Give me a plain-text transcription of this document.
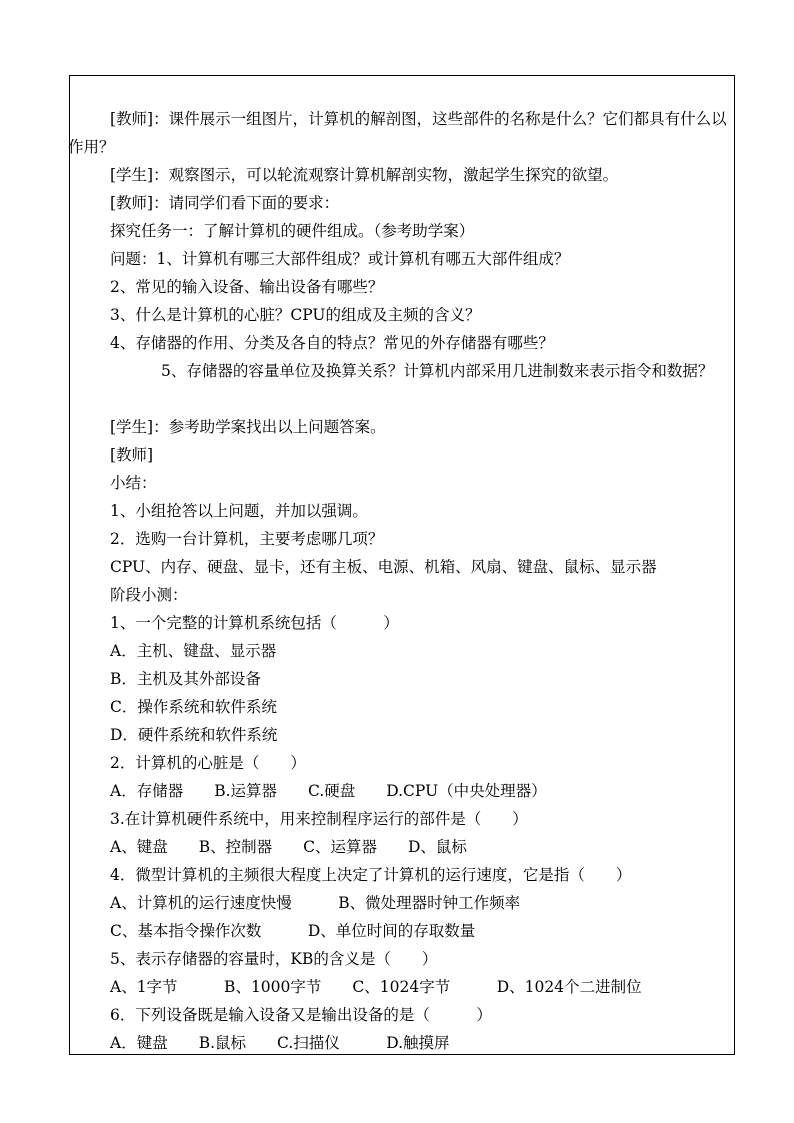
[教师]：课件展示一组图片，计算机的解剖图，这些部件的名称是什么？它们都具有什么以作用？
[学生]：观察图示，可以轮流观察计算机解剖实物，激起学生探究的欲望。
[教师]：请同学们看下面的要求：
探究任务一：了解计算机的硬件组成。（参考助学案）
问题：1、计算机有哪三大部件组成？或计算机有哪五大部件组成？
2、常见的输入设备、输出设备有哪些？
3、什么是计算机的心脏？CPU的组成及主频的含义？
4、存储器的作用、分类及各自的特点？常见的外存储器有哪些？
5、存储器的容量单位及换算关系？计算机内部采用几进制数来表示指令和数据？
[学生]：参考助学案找出以上问题答案。
[教师]
小结：
1、小组抢答以上问题，并加以强调。
2．选购一台计算机，主要考虑哪几项？
CPU、内存、硬盘、显卡，还有主板、电源、机箱、风扇、键盘、鼠标、显示器
阶段小测：
1、一个完整的计算机系统包括（　　　）
A．主机、键盘、显示器
B．主机及其外部设备
C．操作系统和软件系统
D．硬件系统和软件系统
2．计算机的心脏是（　　）
A．存储器　　B.运算器　　C.硬盘　　D.CPU（中央处理器）
3.在计算机硬件系统中，用来控制程序运行的部件是（　　）
A、键盘　　B、控制器　　C、运算器　　D、鼠标
4．微型计算机的主频很大程度上决定了计算机的运行速度，它是指（　　）
A、计算机的运行速度快慢　　　B、微处理器时钟工作频率
C、基本指令操作次数　　　D、单位时间的存取数量
5、表示存储器的容量时，KB的含义是（　　）
A、1字节　　　B、1000字节　　C、1024字节　　　D、1024个二进制位
6．下列设备既是输入设备又是输出设备的是（　　　）
A．键盘　　B.鼠标　　C.扫描仪　　　D.触摸屏
